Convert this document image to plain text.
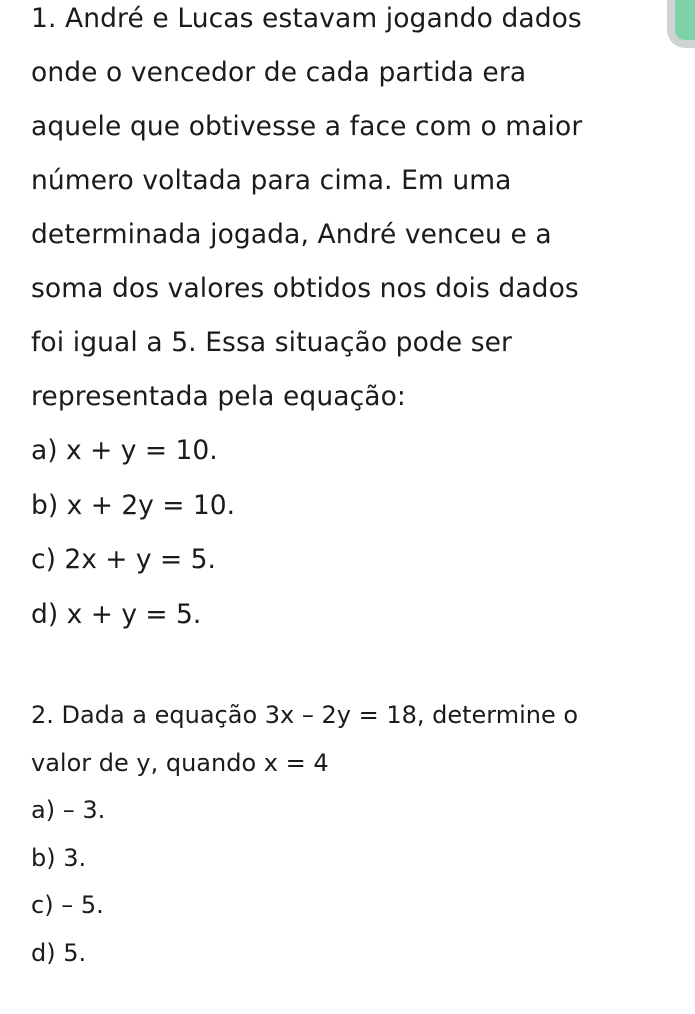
1. André e Lucas estavam jogando dados
onde o vencedor de cada partida era
aquele que obtivesse a face com o maior
número voltada para cima. Em uma
determinada jogada, André venceu e a
soma dos valores obtidos nos dois dados
foi igual a 5. Essa situação pode ser
representada pela equação:
a) x + y = 10.
b) x + 2y = 10.
c) 2x + y = 5.
d) x + y = 5.
2. Dada a equação 3x – 2y = 18, determine o
valor de y, quando x = 4
a) – 3.
b) 3.
c) – 5.
d) 5.
